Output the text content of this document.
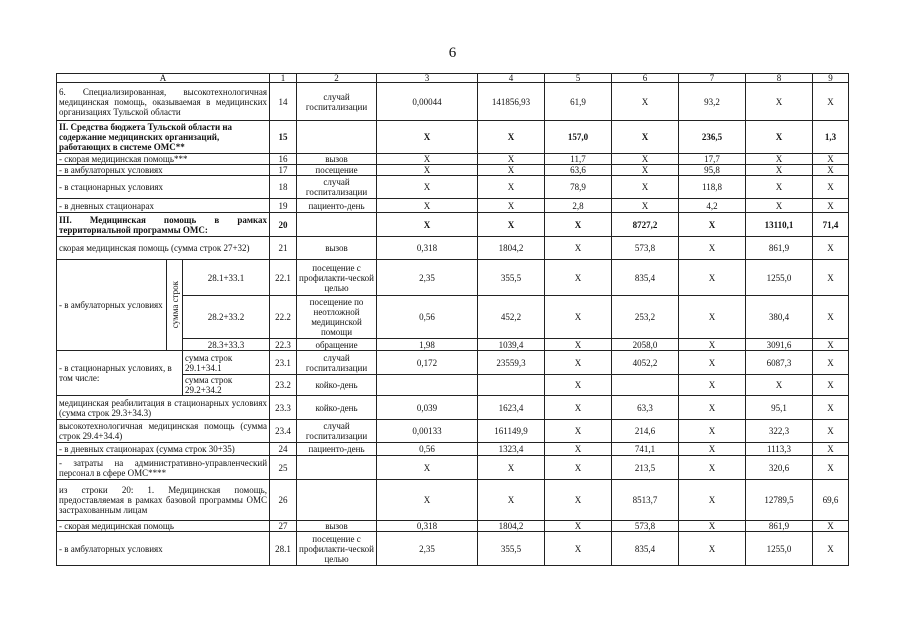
6
А			1	2	3	4	5	6	7	8	9
6. Специализированная, высокотехнологичная медицинская помощь, оказываемая в медицинских организациях Тульской области			14	случай госпитализации	0,00044	141856,93	61,9	Х	93,2	Х	Х
II. Средства бюджета Тульской области на содержание медицинских организаций, работающих в системе ОМС**			15		Х	Х	157,0	Х	236,5	Х	1,3
- скорая медицинская помощь***			16	вызов	Х	Х	11,7	Х	17,7	Х	Х
- в амбулаторных условиях			17	посещение	Х	Х	63,6	Х	95,8	Х	Х
- в стационарных условиях			18	случай госпитализации	Х	Х	78,9	Х	118,8	Х	Х
- в дневных стационарах			19	пациенто-день	Х	Х	2,8	Х	4,2	Х	Х
III. Медицинская помощь в рамках территориальной программы ОМС:			20		Х	Х	Х	8727,2	Х	13110,1	71,4
скорая медицинская помощь (сумма строк 27+32)			21	вызов	0,318	1804,2	Х	573,8	Х	861,9	Х
- в амбулаторных условиях	сумма строк	28.1+33.1	22.1	посещение с профилакти-ческой целью	2,35	355,5	Х	835,4	Х	1255,0	Х
		28.2+33.2	22.2	посещение по неотложной медицинской помощи	0,56	452,2	Х	253,2	Х	380,4	Х
		28.3+33.3	22.3	обращение	1,98	1039,4	Х	2058,0	Х	3091,6	Х
- в стационарных условиях, в том числе:		сумма строк 29.1+34.1	23.1	случай госпитализации	0,172	23559,3	Х	4052,2	Х	6087,3	Х
		сумма строк 29.2+34.2	23.2	койко-день			Х		Х	Х	Х
медицинская реабилитация в стационарных условиях (сумма строк 29.3+34.3)			23.3	койко-день	0,039	1623,4	Х	63,3	Х	95,1	Х
высокотехнологичная медицинская помощь (сумма строк 29.4+34.4)			23.4	случай госпитализации	0,00133	161149,9	Х	214,6	Х	322,3	Х
- в дневных стационарах (сумма строк 30+35)			24	пациенто-день	0,56	1323,4	Х	741,1	Х	1113,3	Х
- затраты на административно-управленческий персонал в сфере ОМС****			25		Х	Х	Х	213,5	Х	320,6	Х
из строки 20: 1. Медицинская помощь, предоставляемая в рамках базовой программы ОМС застрахованным лицам			26		Х	Х	Х	8513,7	Х	12789,5	69,6
- скорая медицинская помощь			27	вызов	0,318	1804,2	Х	573,8	Х	861,9	Х
- в амбулаторных условиях			28.1	посещение с профилакти-ческой целью	2,35	355,5	Х	835,4	Х	1255,0	Х
